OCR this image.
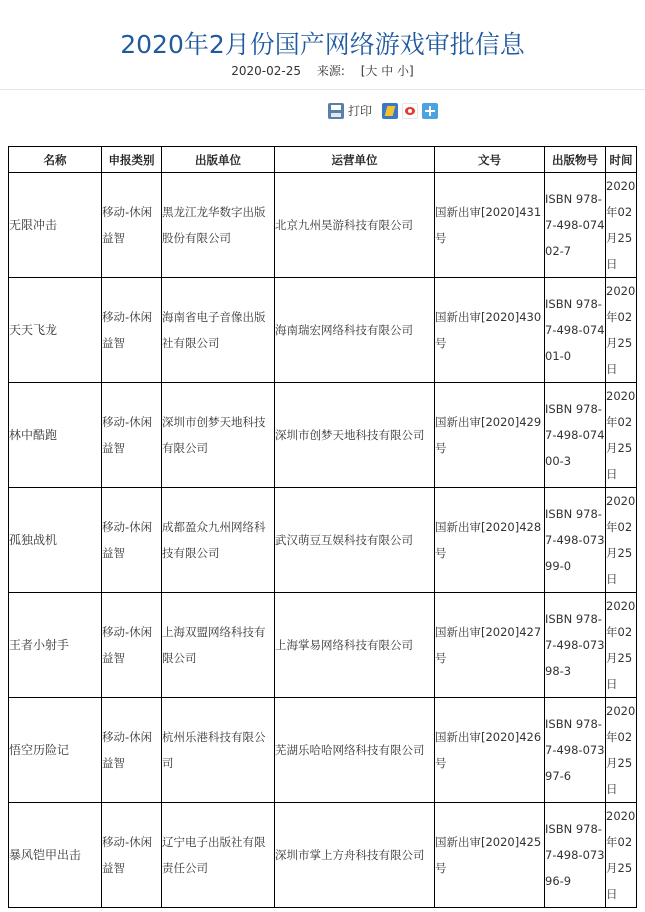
2020年2月份国产网络游戏审批信息
2020-02-25 来源: [大 中 小]
打印
名称	申报类别	出版单位	运营单位	文号	出版物号	时间
无限冲击	移动-休闲益智	黑龙江龙华数字出版股份有限公司	北京九州昊游科技有限公司	国新出审[2020]431号	ISBN 978-7-498-07402-7	2020年02月25日
天天飞龙	移动-休闲益智	海南省电子音像出版社有限公司	海南瑞宏网络科技有限公司	国新出审[2020]430号	ISBN 978-7-498-07401-0	2020年02月25日
林中酷跑	移动-休闲益智	深圳市创梦天地科技有限公司	深圳市创梦天地科技有限公司	国新出审[2020]429号	ISBN 978-7-498-07400-3	2020年02月25日
孤独战机	移动-休闲益智	成都盈众九州网络科技有限公司	武汉萌豆互娱科技有限公司	国新出审[2020]428号	ISBN 978-7-498-07399-0	2020年02月25日
王者小射手	移动-休闲益智	上海双盟网络科技有限公司	上海掌易网络科技有限公司	国新出审[2020]427号	ISBN 978-7-498-07398-3	2020年02月25日
悟空历险记	移动-休闲益智	杭州乐港科技有限公司	芜湖乐哈哈网络科技有限公司	国新出审[2020]426号	ISBN 978-7-498-07397-6	2020年02月25日
暴风铠甲出击	移动-休闲益智	辽宁电子出版社有限责任公司	深圳市掌上方舟科技有限公司	国新出审[2020]425号	ISBN 978-7-498-07396-9	2020年02月25日
